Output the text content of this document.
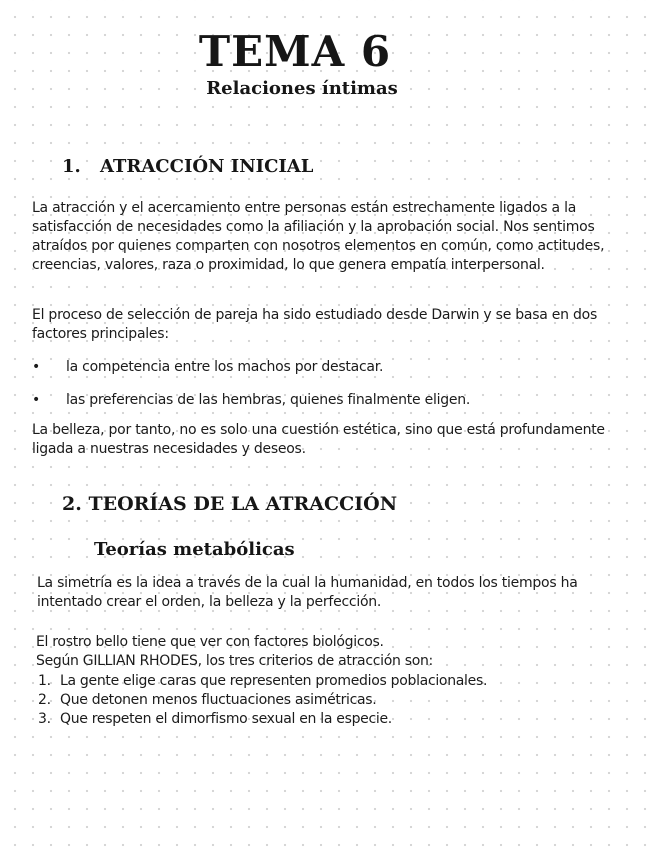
TEMA 6
Relaciones íntimas
1. ATRACCIÓN INICIAL

La atracción y el acercamiento entre personas están estrechamente ligados a la satisfacción de necesidades como la afiliación y la aprobación social. Nos sentimos atraídos por quienes comparten con nosotros elementos en común, como actitudes, creencias, valores, raza o proximidad, lo que genera empatía interpersonal.

El proceso de selección de pareja ha sido estudiado desde Darwin y se basa en dos factores principales:

• la competencia entre los machos por destacar.
• las preferencias de las hembras, quienes finalmente eligen.

La belleza, por tanto, no es solo una cuestión estética, sino que está profundamente ligada a nuestras necesidades y deseos.

2. TEORÍAS DE LA ATRACCIÓN
Teorías metabólicas

La simetría es la idea a través de la cual la humanidad, en todos los tiempos ha intentado crear el orden, la belleza y la perfección.

El rostro bello tiene que ver con factores biológicos.
Según GILLIAN RHODES, los tres criterios de atracción son:
1. La gente elige caras que representen promedios poblacionales.
2. Que detonen menos fluctuaciones asimétricas.
3. Que respeten el dimorfismo sexual en la especie.
